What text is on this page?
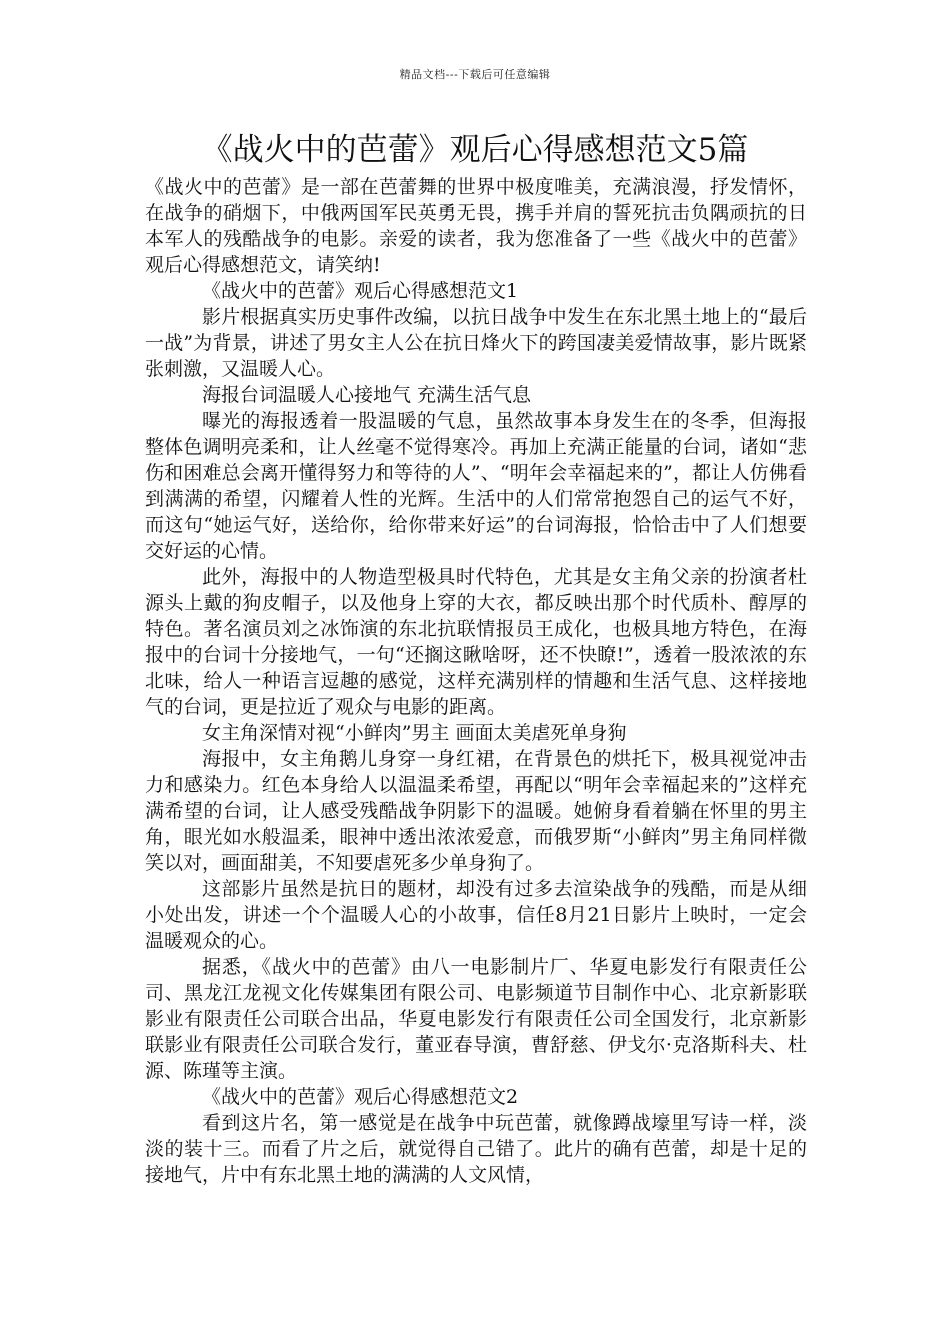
精品文档---下载后可任意编辑
《战火中的芭蕾》观后心得感想范文5篇

《战火中的芭蕾》是一部在芭蕾舞的世界中极度唯美，充满浪漫，抒发情怀，在战争的硝烟下，中俄两国军民英勇无畏，携手并肩的誓死抗击负隅顽抗的日本军人的残酷战争的电影。亲爱的读者，我为您准备了一些《战火中的芭蕾》观后心得感想范文，请笑纳!

《战火中的芭蕾》观后心得感想范文1

影片根据真实历史事件改编，以抗日战争中发生在东北黑土地上的“最后一战”为背景，讲述了男女主人公在抗日烽火下的跨国凄美爱情故事，影片既紧张刺激，又温暖人心。

海报台词温暖人心接地气 充满生活气息

曝光的海报透着一股温暖的气息，虽然故事本身发生在的冬季，但海报整体色调明亮柔和，让人丝毫不觉得寒冷。再加上充满正能量的台词，诸如“悲伤和困难总会离开懂得努力和等待的人”、“明年会幸福起来的”，都让人仿佛看到满满的希望，闪耀着人性的光辉。生活中的人们常常抱怨自己的运气不好，而这句“她运气好，送给你，给你带来好运”的台词海报，恰恰击中了人们想要交好运的心情。

此外，海报中的人物造型极具时代特色，尤其是女主角父亲的扮演者杜源头上戴的狗皮帽子，以及他身上穿的大衣，都反映出那个时代质朴、醇厚的特色。著名演员刘之冰饰演的东北抗联情报员王成化，也极具地方特色，在海报中的台词十分接地气，一句“还搁这瞅啥呀，还不快瞭!”，透着一股浓浓的东北味，给人一种语言逗趣的感觉，这样充满别样的情趣和生活气息、这样接地气的台词，更是拉近了观众与电影的距离。

女主角深情对视“小鲜肉”男主 画面太美虐死单身狗

海报中，女主角鹅儿身穿一身红裙，在背景色的烘托下，极具视觉冲击力和感染力。红色本身给人以温温柔希望，再配以“明年会幸福起来的”这样充满希望的台词，让人感受残酷战争阴影下的温暖。她俯身看着躺在怀里的男主角，眼光如水般温柔，眼神中透出浓浓爱意，而俄罗斯“小鲜肉”男主角同样微笑以对，画面甜美，不知要虐死多少单身狗了。

这部影片虽然是抗日的题材，却没有过多去渲染战争的残酷，而是从细小处出发，讲述一个个温暖人心的小故事，信任8月21日影片上映时，一定会温暖观众的心。

据悉，《战火中的芭蕾》由八一电影制片厂、华夏电影发行有限责任公司、黑龙江龙视文化传媒集团有限公司、电影频道节目制作中心、北京新影联影业有限责任公司联合出品，华夏电影发行有限责任公司全国发行，北京新影联影业有限责任公司联合发行，董亚春导演，曹舒慈、伊戈尔·克洛斯科夫、杜源、陈瑾等主演。

《战火中的芭蕾》观后心得感想范文2

看到这片名，第一感觉是在战争中玩芭蕾，就像蹲战壕里写诗一样，淡淡的装十三。而看了片之后，就觉得自己错了。此片的确有芭蕾，却是十足的接地气，片中有东北黑土地的满满的人文风情，
